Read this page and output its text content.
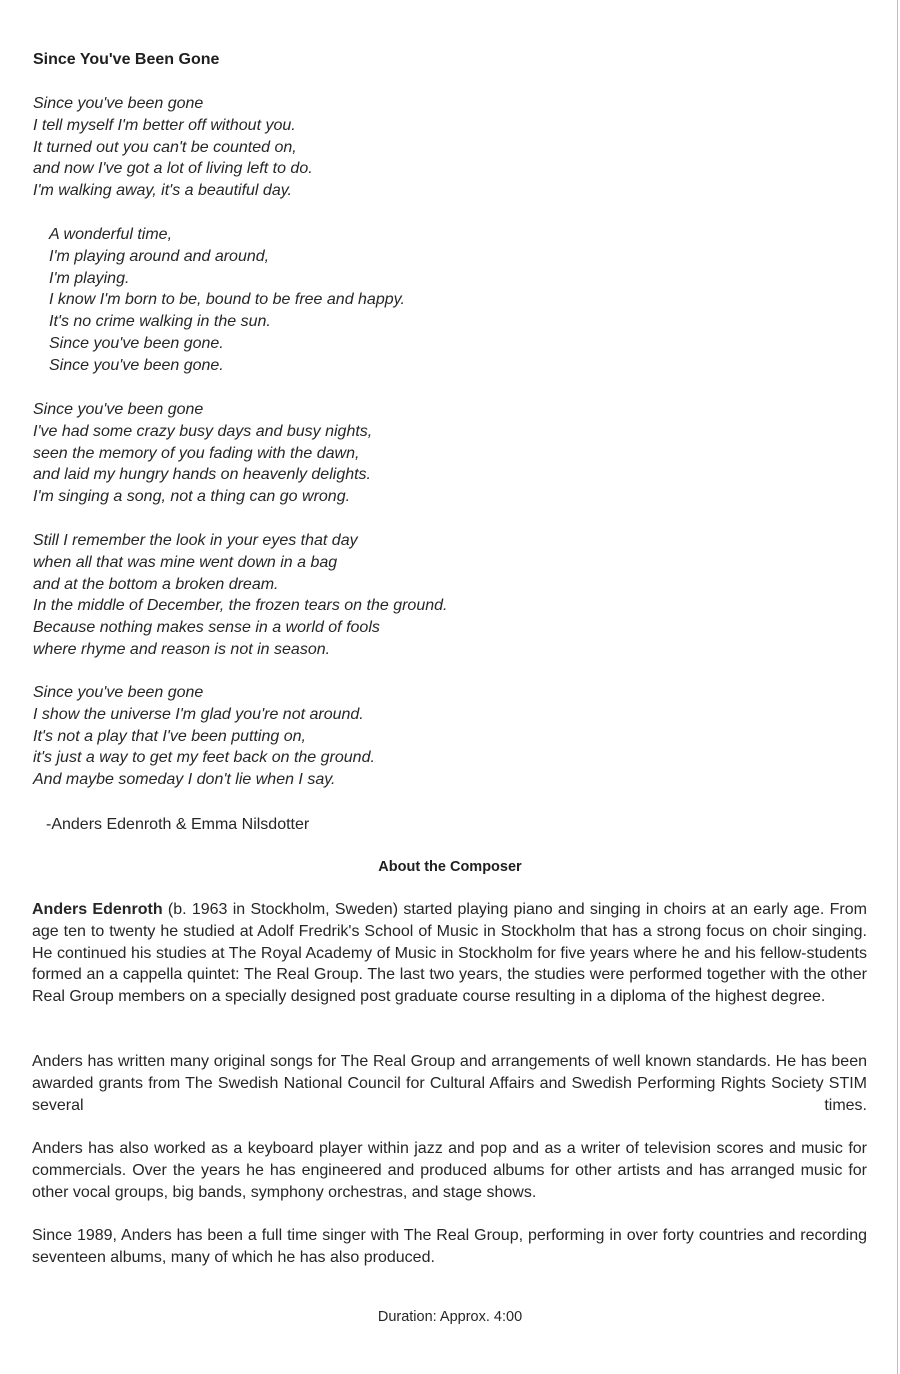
Since You've Been Gone
Since you've been gone
I tell myself I'm better off without you.
It turned out you can't be counted on,
and now I've got a lot of living left to do.
I'm walking away, it's a beautiful day.
A wonderful time,
I'm playing around and around,
I'm playing.
I know I'm born to be, bound to be free and happy.
It's no crime walking in the sun.
Since you've been gone.
Since you've been gone.
Since you've been gone
I've had some crazy busy days and busy nights,
seen the memory of you fading with the dawn,
and laid my hungry hands on heavenly delights.
I'm singing a song, not a thing can go wrong.
Still I remember the look in your eyes that day
when all that was mine went down in a bag
and at the bottom a broken dream.
In the middle of December, the frozen tears on the ground.
Because nothing makes sense in a world of fools
where rhyme and reason is not in season.
Since you've been gone
I show the universe I'm glad you're not around.
It's not a play that I've been putting on,
it's just a way to get my feet back on the ground.
And maybe someday I don't lie when I say.
-Anders Edenroth & Emma Nilsdotter
About the Composer

Anders Edenroth (b. 1963 in Stockholm, Sweden) started playing piano and singing in choirs at an early age. From age ten to twenty he studied at Adolf Fredrik's School of Music in Stockholm that has a strong focus on choir singing. He continued his studies at The Royal Academy of Music in Stockholm for five years where he and his fellow-students formed an a cappella quintet: The Real Group. The last two years, the studies were performed together with the other Real Group members on a specially designed post graduate course resulting in a diploma of the highest degree.

Anders has written many original songs for The Real Group and arrangements of well known standards. He has been awarded grants from The Swedish National Council for Cultural Affairs and Swedish Performing Rights Society STIM several times.

Anders has also worked as a keyboard player within jazz and pop and as a writer of television scores and music for commercials. Over the years he has engineered and produced albums for other artists and has arranged music for other vocal groups, big bands, symphony orchestras, and stage shows.

Since 1989, Anders has been a full time singer with The Real Group, performing in over forty countries and recording seventeen albums, many of which he has also produced.

Duration: Approx. 4:00
